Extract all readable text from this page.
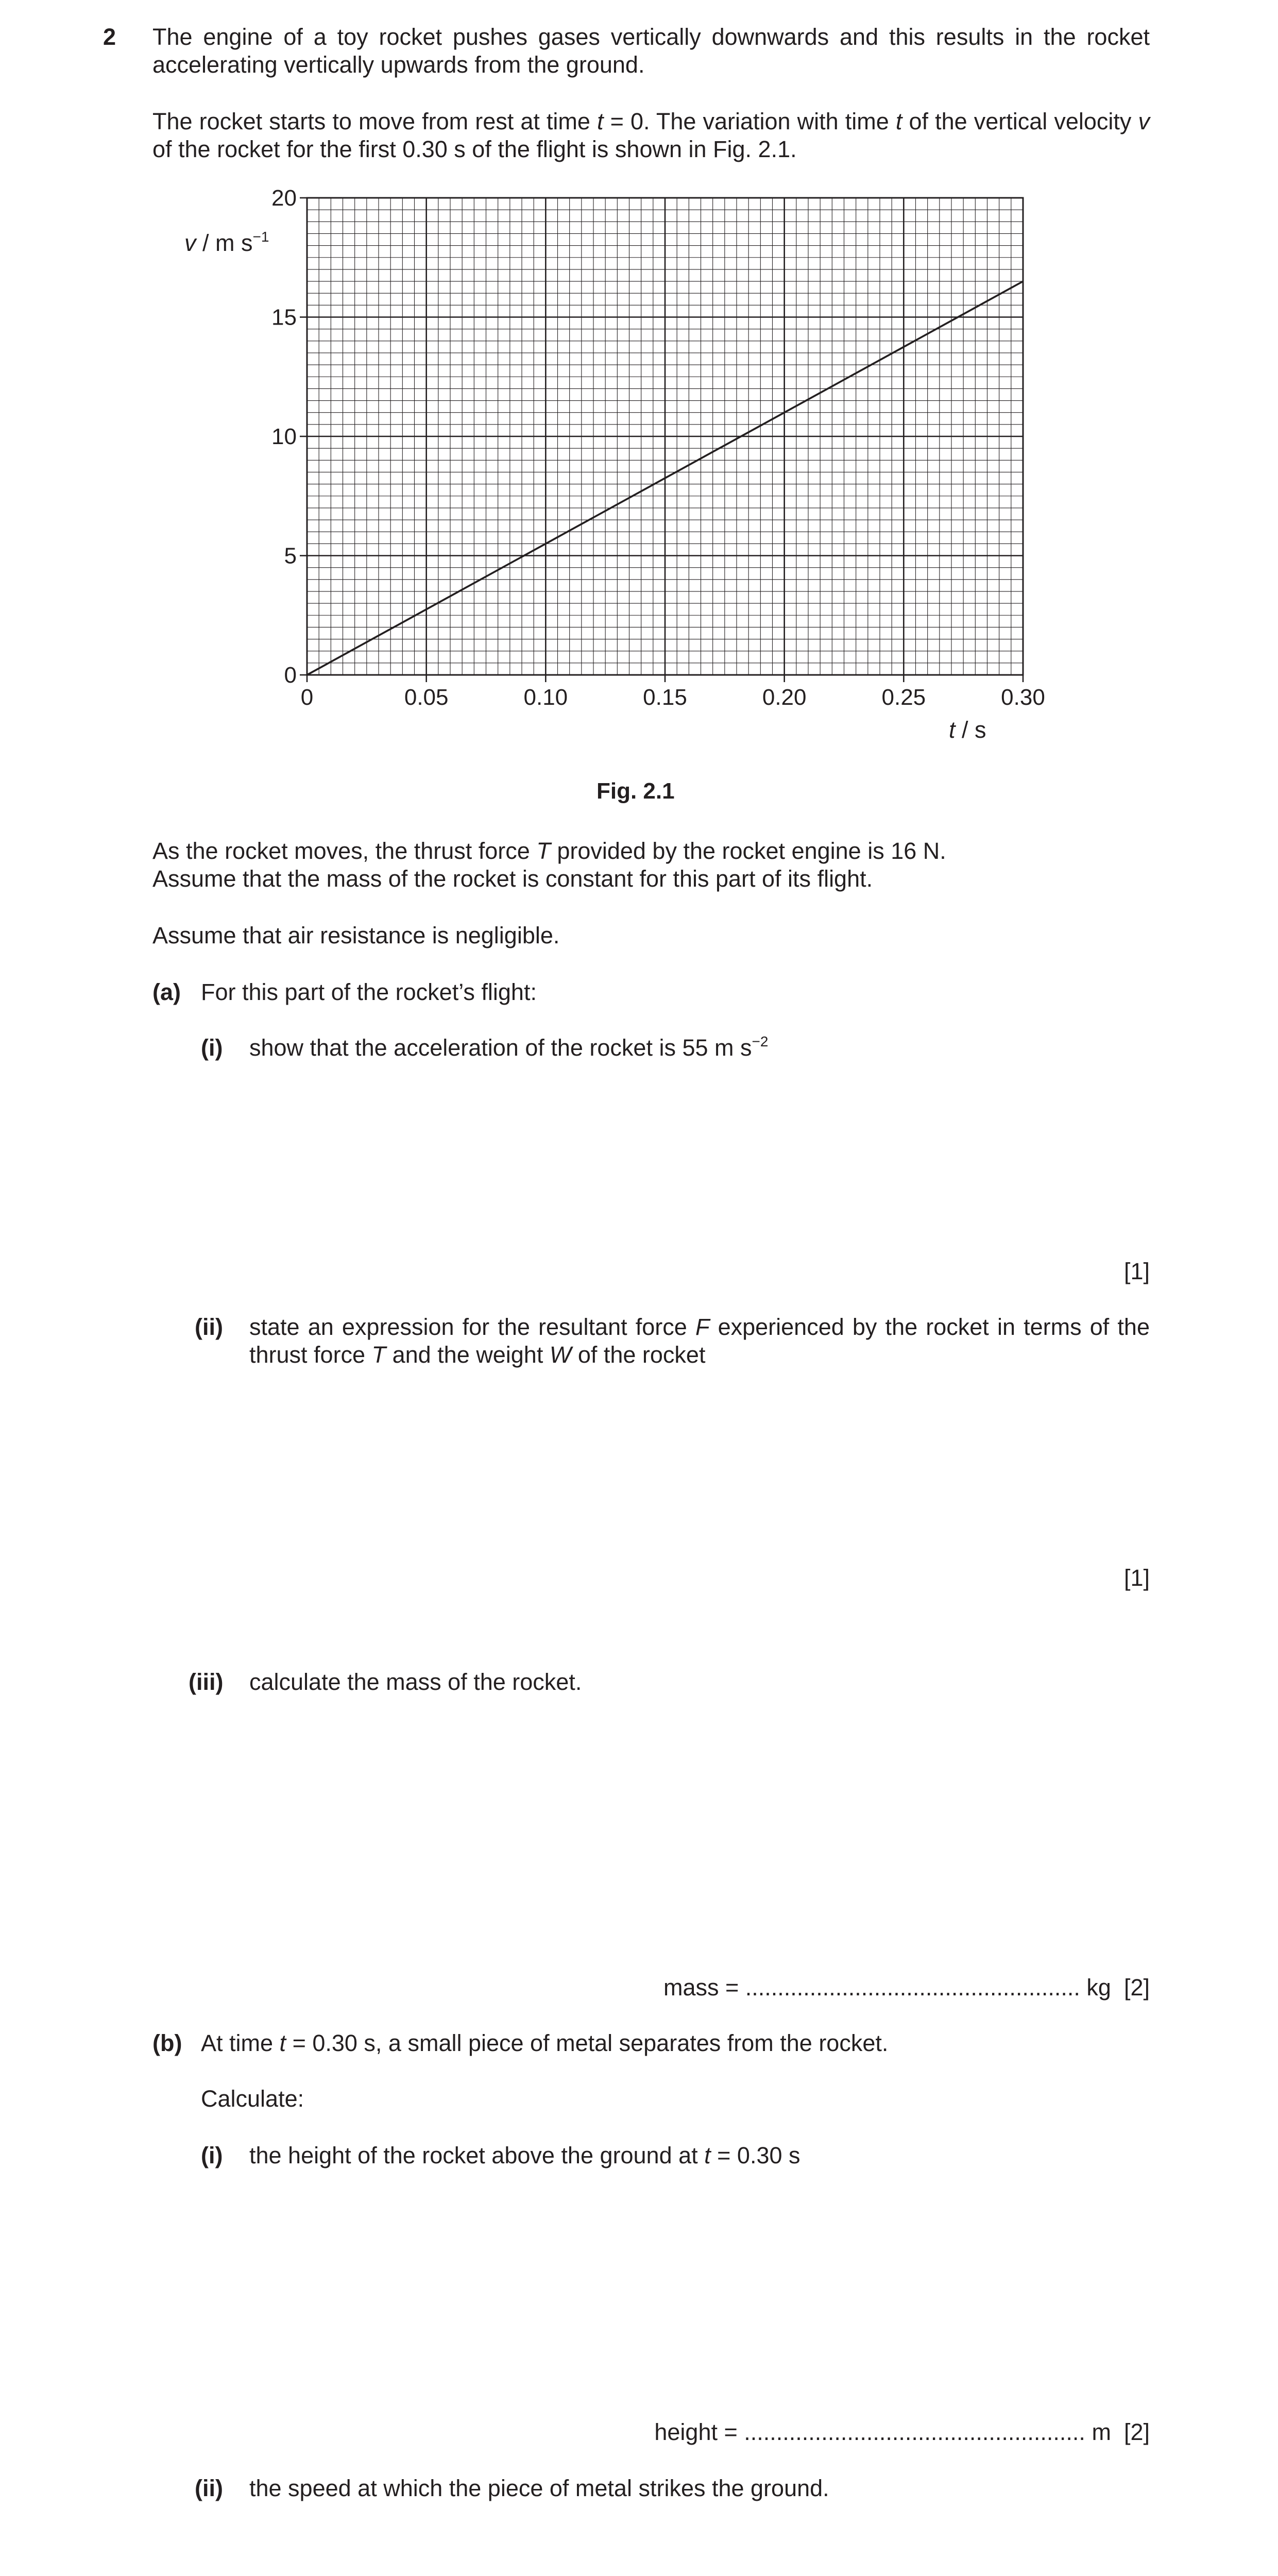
2 The engine of a toy rocket pushes gases vertically downwards and this results in the rocket
accelerating vertically upwards from the ground.
The rocket starts to move from rest at time t = 0. The variation with time t of the vertical velocity v
of the rocket for the first 0.30 s of the flight is shown in Fig. 2.1.
0	0.05	0.10	0.15	0.20	0.25	0.30
0
5
10
15
20
v / m $s^{-1}$
t / s
Fig. 2.1
As the rocket moves, the thrust force T provided by the rocket engine is 16 N.
Assume that the mass of the rocket is constant for this part of its flight.
Assume that air resistance is negligible.
(a) For this part of the rocket’s flight:
(i) show that the acceleration of the rocket is 55 m $s^{-2}$
[1]
(ii) state an expression for the resultant force F experienced by the rocket in terms of the
thrust force T and the weight W of the rocket
[1]
(iii) calculate the mass of the rocket.
mass = .................................................... kg [2]
(b) At time t = 0.30 s, a small piece of metal separates from the rocket.
Calculate:
(i) the height of the rocket above the ground at t = 0.30 s
height = ..................................................... m [2]
(ii) the speed at which the piece of metal strikes the ground.
